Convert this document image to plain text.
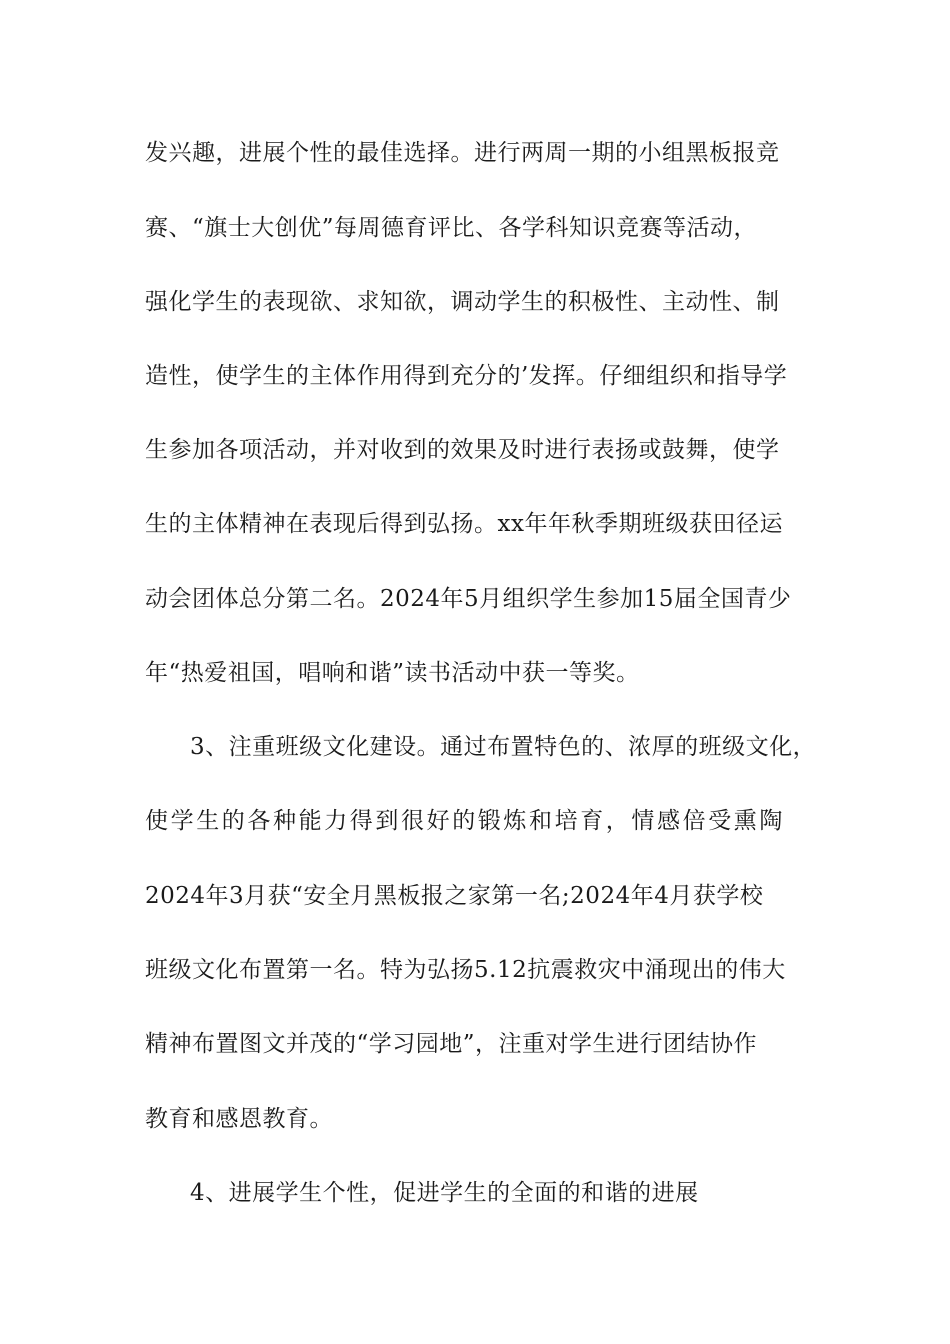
发兴趣，进展个性的最佳选择。进行两周一期的小组黑板报竞
赛、“旗士大创优”每周德育评比、各学科知识竞赛等活动，
强化学生的表现欲、求知欲，调动学生的积极性、主动性、制
造性，使学生的主体作用得到充分的’发挥。仔细组织和指导学
生参加各项活动，并对收到的效果及时进行表扬或鼓舞，使学
生的主体精神在表现后得到弘扬。xx年年秋季期班级获田径运
动会团体总分第二名。2024年5月组织学生参加15届全国青少
年“热爱祖国，唱响和谐”读书活动中获一等奖。
3、注重班级文化建设。通过布置特色的、浓厚的班级文化，
使学生的各种能力得到很好的锻炼和培育，情感倍受熏陶
2024年3月获“安全月黑板报之家第一名;2024年4月获学校
班级文化布置第一名。特为弘扬5.12抗震救灾中涌现出的伟大
精神布置图文并茂的“学习园地”，注重对学生进行团结协作
教育和感恩教育。
4、进展学生个性，促进学生的全面的和谐的进展
